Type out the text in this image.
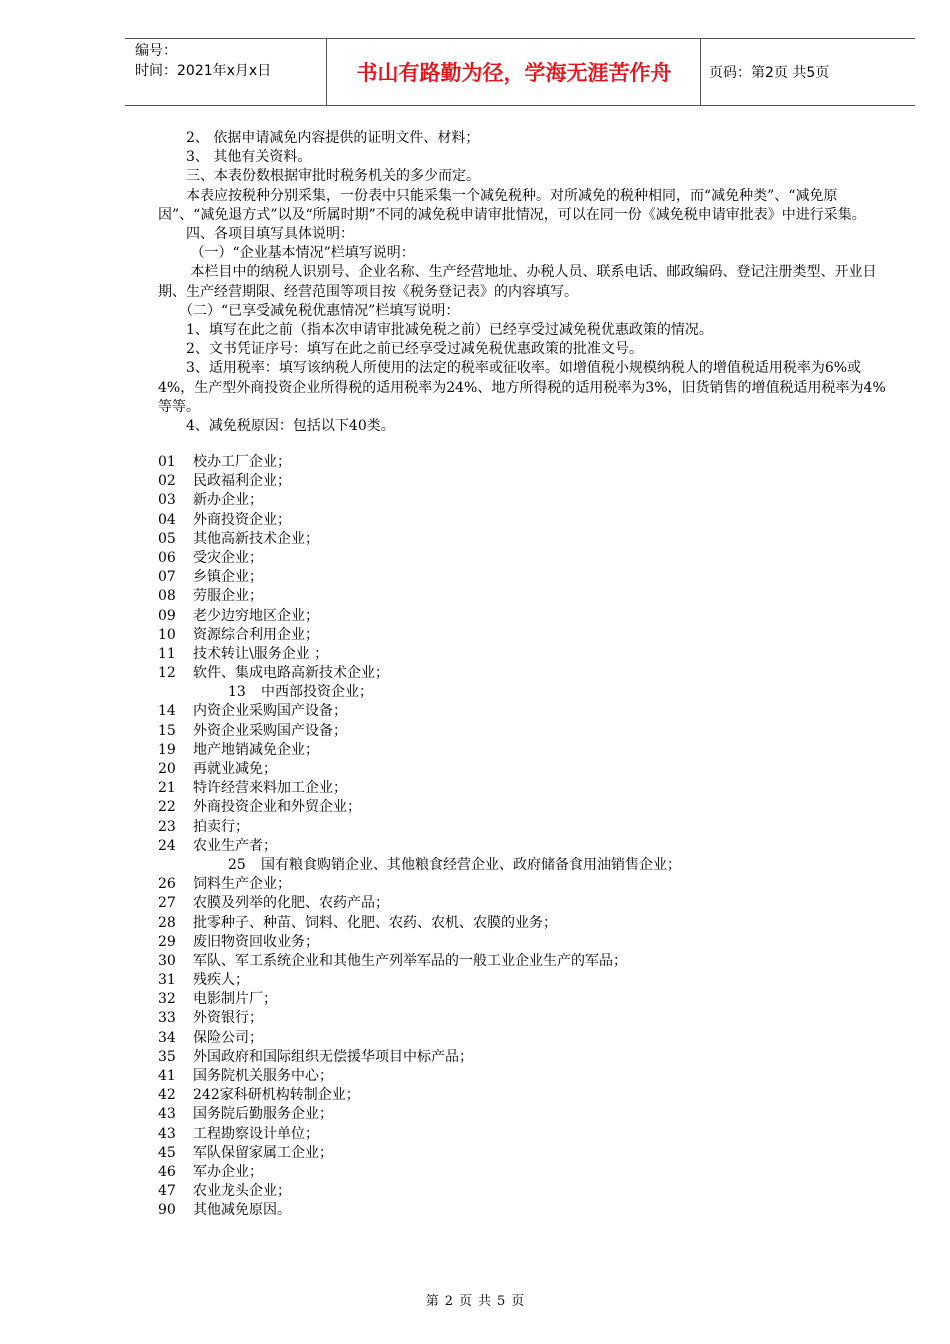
编号：
时间：2021年x月x日	书山有路勤为径，学海无涯苦作舟	页码：第2页 共5页

　　2、 依据申请减免内容提供的证明文件、材料；

　　3、 其他有关资料。

　　三、本表份数根据审批时税务机关的多少而定。

　　本表应按税种分别采集，一份表中只能采集一个减免税种。对所减免的税种相同，而“减免种类”、“减免原因”、“减免退方式”以及“所属时期”不同的减免税申请审批情况，可以在同一份《减免税申请审批表》中进行采集。

　　四、各项目填写具体说明：

　　 （一）“企业基本情况”栏填写说明：

　　 本栏目中的纳税人识别号、企业名称、生产经营地址、办税人员、联系电话、邮政编码、登记注册类型、开业日期、生产经营期限、经营范围等项目按《税务登记表》的内容填写。

　　（二）“已享受减免税优惠情况”栏填写说明：

　　1、填写在此之前（指本次申请审批减免税之前）已经享受过减免税优惠政策的情况。

　　2、文书凭证序号：填写在此之前已经享受过减免税优惠政策的批准文号。

　　3、适用税率：填写该纳税人所使用的法定的税率或征收率。如增值税小规模纳税人的增值税适用税率为6%或4%，生产型外商投资企业所得税的适用税率为24%、地方所得税的适用税率为3%，旧货销售的增值税适用税率为4%等等。

　　4、减免税原因：包括以下40类。

01	校办工厂企业；
02	民政福利企业；
03	新办企业；
04	外商投资企业；
05	其他高新技术企业；
06	受灾企业；
07	乡镇企业；
08	劳服企业；
09	老少边穷地区企业；
10	资源综合利用企业；
11	技术转让\服务企业 ；
12	软件、集成电路高新技术企业；
13	中西部投资企业；
14	内资企业采购国产设备；
15	外资企业采购国产设备；
19	地产地销减免企业；
20	再就业减免；
21	特许经营来料加工企业；
22	外商投资企业和外贸企业；
23	拍卖行；
24	农业生产者；
25	国有粮食购销企业、其他粮食经营企业、政府储备食用油销售企业；
26	饲料生产企业；
27	农膜及列举的化肥、农药产品；
28	批零种子、种苗、饲料、化肥、农药、农机、农膜的业务；
29	废旧物资回收业务；
30	军队、军工系统企业和其他生产列举军品的一般工业企业生产的军品；
31	残疾人；
32	电影制片厂；
33	外资银行；
34	保险公司；
35	外国政府和国际组织无偿援华项目中标产品；
41	国务院机关服务中心；
42	242家科研机构转制企业；
43	国务院后勤服务企业；
43	工程勘察设计单位；
45	军队保留家属工企业；
46	军办企业；
47	农业龙头企业；
90	其他减免原因。
第 2 页 共 5 页
